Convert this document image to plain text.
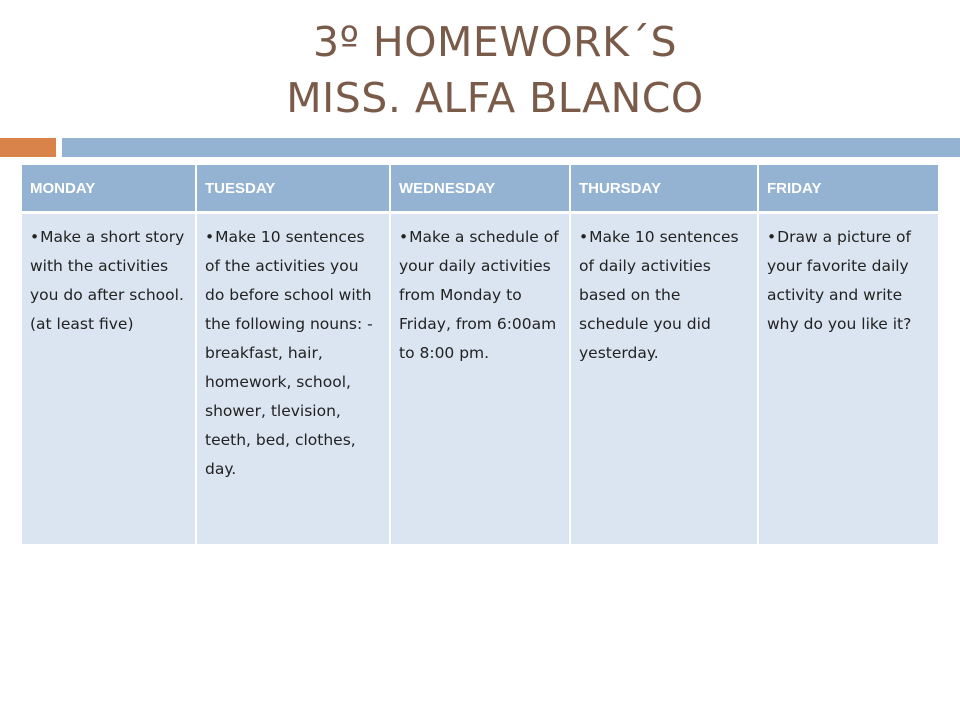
3º HOMEWORK´S
MISS. ALFA BLANCO
MONDAY	TUESDAY	WEDNESDAY	THURSDAY	FRIDAY
•Make a short story with the activities you do after school. (at least five)	•Make 10 sentences of the activities you do before school with the following nouns: -breakfast, hair, homework, school, shower, tlevision, teeth, bed, clothes, day.	•Make a schedule of your daily activities from Monday to Friday, from 6:00am to 8:00 pm.	•Make 10 sentences of daily activities based on the schedule you did yesterday.	•Draw a picture of your favorite daily activity and write why do you like it?
